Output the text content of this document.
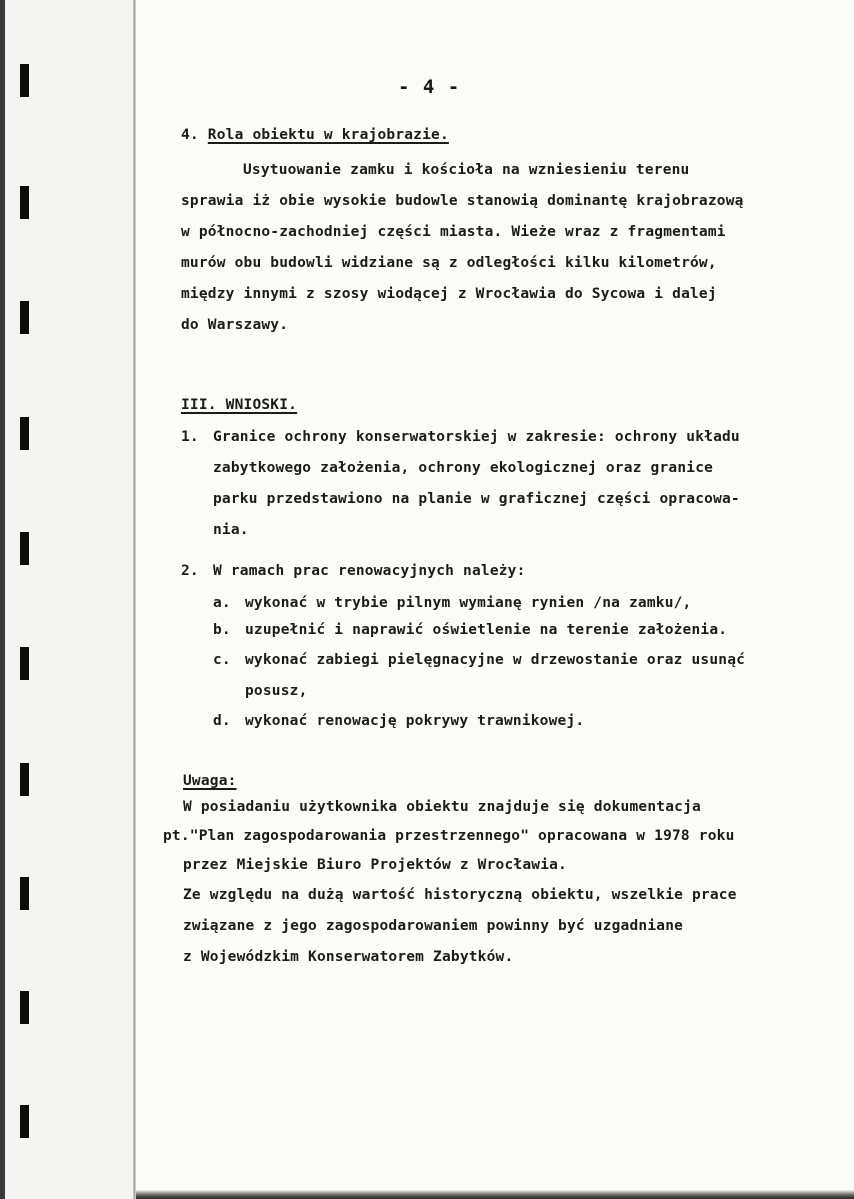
- 4 -
4. Rola obiektu w krajobrazie.
Usytuowanie zamku i kościoła na wzniesieniu terenu
sprawia iż obie wysokie budowle stanowią dominantę krajobrazową
w północno-zachodniej części miasta. Wieże wraz z fragmentami
murów obu budowli widziane są z odległości kilku kilometrów,
między innymi z szosy wiodącej z Wrocławia do Sycowa i dalej
do Warszawy.
III. WNIOSKI.
1. Granice ochrony konserwatorskiej w zakresie: ochrony układu
zabytkowego założenia, ochrony ekologicznej oraz granice
parku przedstawiono na planie w graficznej części opracowa-
nia.
2. W ramach prac renowacyjnych należy:
a. wykonać w trybie pilnym wymianę rynien /na zamku/,
b. uzupełnić i naprawić oświetlenie na terenie założenia.
c. wykonać zabiegi pielęgnacyjne w drzewostanie oraz usunąć
posusz,
d. wykonać renowację pokrywy trawnikowej.
Uwaga:
W posiadaniu użytkownika obiektu znajduje się dokumentacja
pt."Plan zagospodarowania przestrzennego" opracowana w 1978 roku
przez Miejskie Biuro Projektów z Wrocławia.
Ze względu na dużą wartość historyczną obiektu, wszelkie prace
związane z jego zagospodarowaniem powinny być uzgadniane
z Wojewódzkim Konserwatorem Zabytków.
